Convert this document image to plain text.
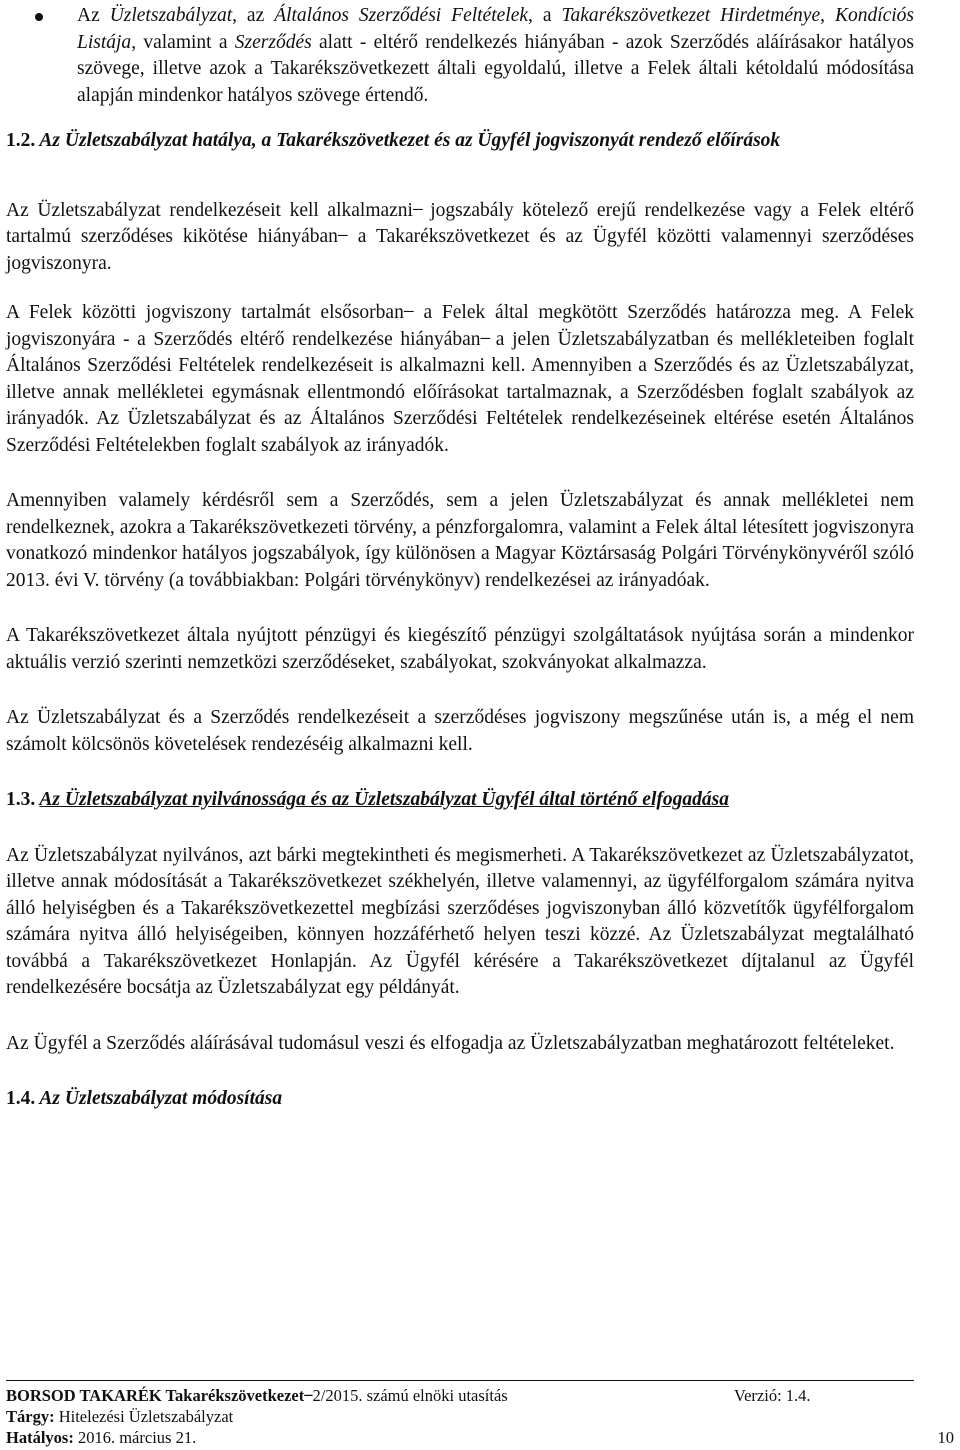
Az Üzletszabályzat, az Általános Szerződési Feltételek, a Takarékszövetkezet Hirdetménye, Kondíciós Listája, valamint a Szerződés alatt - eltérő rendelkezés hiányában - azok Szerződés aláírásakor hatályos szövege, illetve azok a Takarékszövetkezett általi egyoldalú, illetve a Felek általi kétoldalú módosítása alapján mindenkor hatályos szövege értendő.

1.2. Az Üzletszabályzat hatálya, a Takarékszövetkezet és az Ügyfél jogviszonyát rendező előírások

Az Üzletszabályzat rendelkezéseit kell alkalmazni ̶ jogszabály kötelező erejű rendelkezése vagy a Felek eltérő tartalmú szerződéses kikötése hiányában ̶ a Takarékszövetkezet és az Ügyfél közötti valamennyi szerződéses jogviszonyra.

A Felek közötti jogviszony tartalmát elsősorban ̶ a Felek által megkötött Szerződés határozza meg. A Felek jogviszonyára - a Szerződés eltérő rendelkezése hiányában ̶ a jelen Üzletszabályzatban és mellékleteiben foglalt Általános Szerződési Feltételek rendelkezéseit is alkalmazni kell. Amennyiben a Szerződés és az Üzletszabályzat, illetve annak mellékletei egymásnak ellentmondó előírásokat tartalmaznak, a Szerződésben foglalt szabályok az irányadók. Az Üzletszabályzat és az Általános Szerződési Feltételek rendelkezéseinek eltérése esetén Általános Szerződési Feltételekben foglalt szabályok az irányadók.

Amennyiben valamely kérdésről sem a Szerződés, sem a jelen Üzletszabályzat és annak mellékletei nem rendelkeznek, azokra a Takarékszövetkezeti törvény, a pénzforgalomra, valamint a Felek által létesített jogviszonyra vonatkozó mindenkor hatályos jogszabályok, így különösen a Magyar Köztársaság Polgári Törvénykönyvéről szóló 2013. évi V. törvény (a továbbiakban: Polgári törvénykönyv) rendelkezései az irányadóak.

A Takarékszövetkezet általa nyújtott pénzügyi és kiegészítő pénzügyi szolgáltatások nyújtása során a mindenkor aktuális verzió szerinti nemzetközi szerződéseket, szabályokat, szokványokat alkalmazza.

Az Üzletszabályzat és a Szerződés rendelkezéseit a szerződéses jogviszony megszűnése után is, a még el nem számolt kölcsönös követelések rendezéséig alkalmazni kell.

1.3. Az Üzletszabályzat nyilvánossága és az Üzletszabályzat Ügyfél által történő elfogadása

Az Üzletszabályzat nyilvános, azt bárki megtekintheti és megismerheti. A Takarékszövetkezet az Üzletszabályzatot, illetve annak módosítását a Takarékszövetkezet székhelyén, illetve valamennyi, az ügyfélforgalom számára nyitva álló helyiségben és a Takarékszövetkezettel megbízási szerződéses jogviszonyban álló közvetítők ügyfélforgalom számára nyitva álló helyiségeiben, könnyen hozzáférhető helyen teszi közzé. Az Üzletszabályzat megtalálható továbbá a Takarékszövetkezet Honlapján. Az Ügyfél kérésére a Takarékszövetkezet díjtalanul az Ügyfél rendelkezésére bocsátja az Üzletszabályzat egy példányát.

Az Ügyfél a Szerződés aláírásával tudomásul veszi és elfogadja az Üzletszabályzatban meghatározott feltételeket.

1.4. Az Üzletszabályzat módosítása
BORSOD TAKARÉK Takarékszövetkezet 2/2015. számú elnöki utasítás	Verzió: 1.4.
Tárgy: Hitelezési Üzletszabályzat
Hatályos: 2016. március 21.	10
